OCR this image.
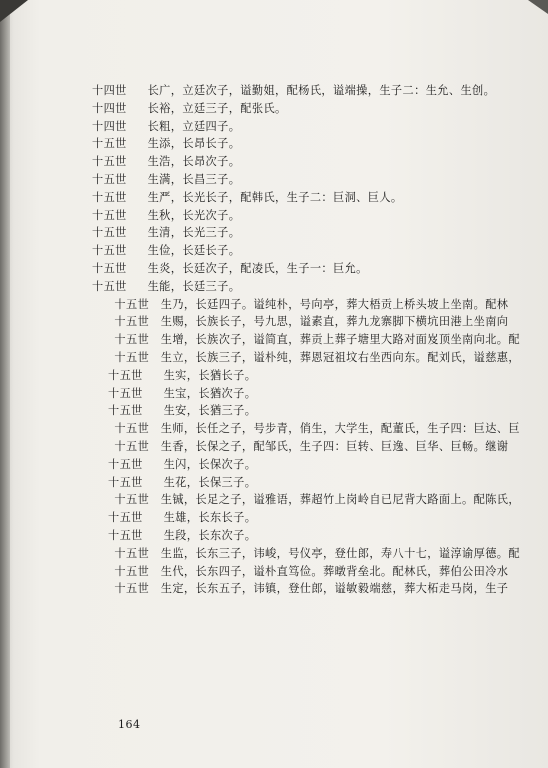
十四世　 长广，立廷次子，谥勤姐，配杨氏，谥端操，生子二：生允、生创。
十四世　 长裕，立廷三子，配张氏。
十四世　 长粗，立廷四子。
十五世　 生添，长昂长子。
十五世　 生浩，长昂次子。
十五世　 生满，长昌三子。
十五世　 生严，长光长子，配韩氏，生子二：巨洞、巨人。
十五世　 生秋，长光次子。
十五世　 生清，长光三子。
十五世　 生俭，长廷长子。
十五世　 生炎，长廷次子，配凌氏，生子一：巨允。
十五世　 生能，长廷三子。
十五世　 生乃，长廷四子。谥纯朴，号向亭，葬大梧贡上桥头坡上坐南。配林
十五世　 生赐，长族长子，号九思，谥素直，葬九龙寨脚下横坑田港上坐南向
十五世　 生增，长族次子，谥简直，葬贡上葬子塘里大路对面岌顶坐南向北。配
十五世　 生立，长族三子，谥朴纯，葬恩冠祖坟右坐西向东。配刘氏，谥慈惠，
十五世　 生实，长猶长子。
十五世　 生宝，长猶次子。
十五世　 生安，长猶三子。
十五世　 生师，长任之子，号步青，俏生，大学生，配董氏，生子四：巨达、巨
十五世　 生香，长保之子，配邹氏，生子四：巨转、巨逸、巨华、巨畅。继谢
十五世　 生闪，长保次子。
十五世　 生花，长保三子。
十五世　 生铖，长足之子，谥雅语，葬超竹上岗岭自已尼背大路面上。配陈氏，
十五世　 生雄，长东长子。
十五世　 生段，长东次子。
十五世　 生监，长东三子，讳峻，号仪亭，登仕郎，寿八十七，谥淳谕厚德。配
十五世　 生代，长东四子，谥朴直笃俭。葬暾背垒北。配林氏，葬伯公田冷水
十五世　 生定，长东五子，讳镇，登仕郎，谥敏毅端慈，葬大柘走马岗，生子
164
